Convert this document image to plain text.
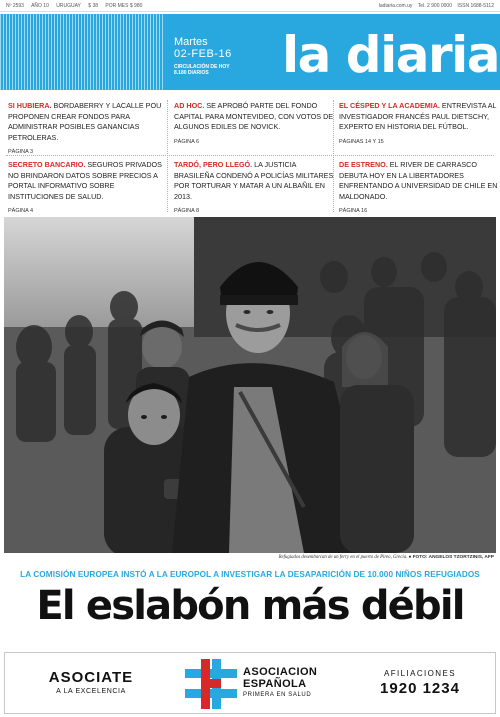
Nº 2593 AÑO 10 URUGUAY $ 38 POR MES $ 980	ladiaria.com.uy Tel. 2 900 0000 ISSN 1688-5112
Martes
02-FEB-16
CIRCULACIÓN DE HOY
8.180 DIARIOS	la diaria
SI HUBIERA. BORDABERRY Y LACALLE POU PROPONEN CREAR FONDOS PARA ADMINISTRAR POSIBLES GANANCIAS PETROLERAS.
PÁGINA 3
AD HOC. SE APROBÓ PARTE DEL FONDO CAPITAL PARA MONTEVIDEO, CON VOTOS DE ALGUNOS EDILES DE NOVICK.
PÁGINA 6
EL CÉSPED Y LA ACADEMIA. ENTREVISTA AL INVESTIGADOR FRANCÉS PAUL DIETSCHY, EXPERTO EN HISTORIA DEL FÚTBOL.
PÁGINAS 14 Y 15
SECRETO BANCARIO. SEGUROS PRIVADOS NO BRINDARON DATOS SOBRE PRECIOS A PORTAL INFORMATIVO SOBRE INSTITUCIONES DE SALUD.
PÁGINA 4
TARDÓ, PERO LLEGÓ. LA JUSTICIA BRASILEÑA CONDENÓ A POLICÍAS MILITARES POR TORTURAR Y MATAR A UN ALBAÑIL EN 2013.
PÁGINA 8
DE ESTRENO. EL RIVER DE CARRASCO DEBUTA HOY EN LA LIBERTADORES ENFRENTANDO A UNIVERSIDAD DE CHILE EN MALDONADO.
PÁGINA 16
Refugiados desembarcan de un ferry en el puerto de Pireo, Grecia. ● FOTO: ANGELOS TZORTZINIS, AFP
LA COMISIÓN EUROPEA INSTÓ A LA EUROPOL A INVESTIGAR LA DESAPARICIÓN DE 10.000 NIÑOS REFUGIADOS
El eslabón más débil
ASOCIATE
A LA EXCELENCIA
ASOCIACION
ESPAÑOLA
PRIMERA EN SALUD
AFILIACIONES
1920 1234
